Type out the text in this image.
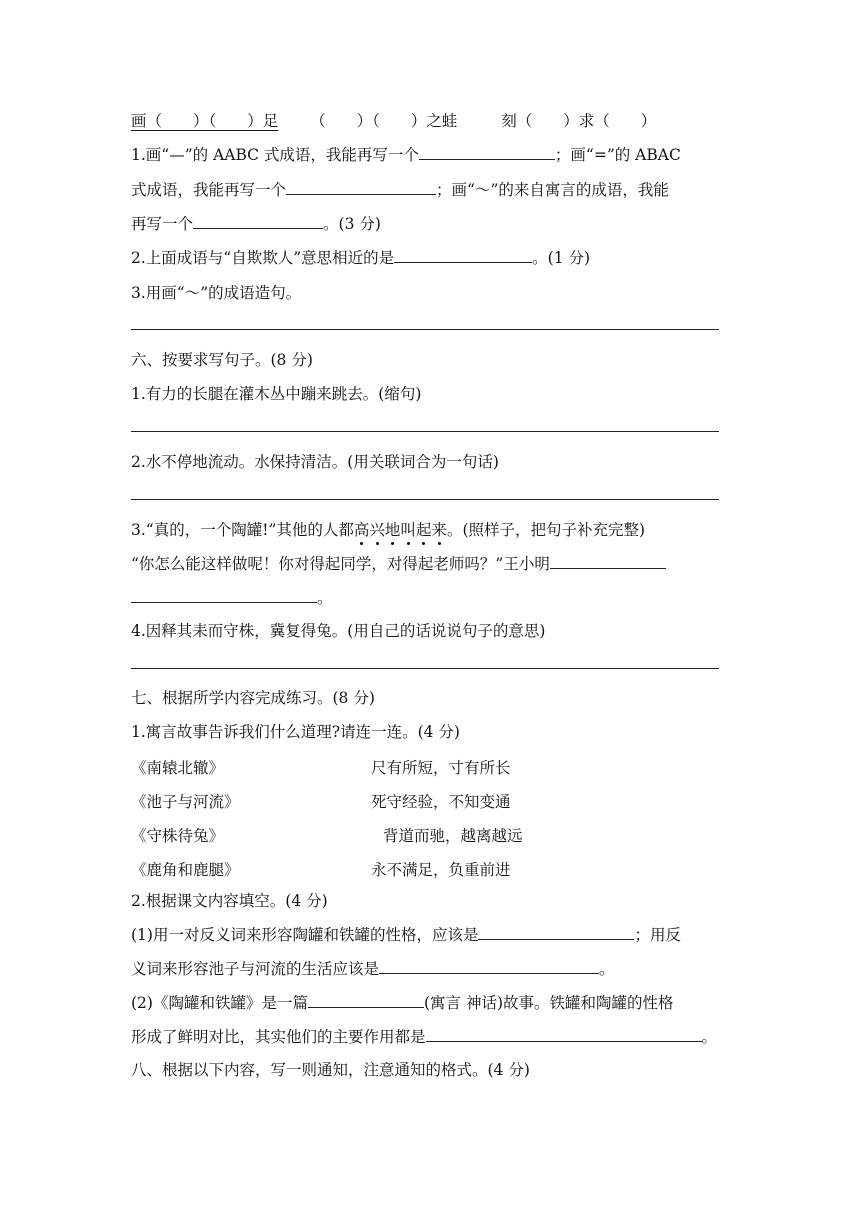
画（　　）（　　）足 （　　）（　　）之蛙	刻（　　）求（　　）
1.画“—”的 AABC 式成语，我能再写一个	；画“=”的 ABAC
式成语，我能再写一个	；画“～”的来自寓言的成语，我能
再写一个	。(3 分)
2.上面成语与“自欺欺人”意思相近的是	。(1 分)
3.用画“～”的成语造句。
六、按要求写句子。(8 分)
1.有力的长腿在灌木丛中蹦来跳去。(缩句)
2.水不停地流动。水保持清洁。(用关联词合为一句话)
3.“真的，一个陶罐!”其他的人都高兴地叫起来。(照样子，把句子补充完整)
“你怎么能这样做呢！你对得起同学，对得起老师吗？”王小明
。
4.因释其耒而守株，冀复得兔。(用自己的话说说句子的意思)
七、根据所学内容完成练习。(8 分)
1.寓言故事告诉我们什么道理?请连一连。(4 分)
《南辕北辙》	尺有所短，寸有所长
《池子与河流》	死守经验，不知变通
《守株待兔》	背道而驰，越离越远
《鹿角和鹿腿》	永不满足，负重前进
2.根据课文内容填空。(4 分)
(1)用一对反义词来形容陶罐和铁罐的性格，应该是	；用反
义词来形容池子与河流的生活应该是	。
(2)《陶罐和铁罐》是一篇	(寓言 神话)故事。铁罐和陶罐的性格
形成了鲜明对比，其实他们的主要作用都是	。
八、根据以下内容，写一则通知，注意通知的格式。(4 分)
